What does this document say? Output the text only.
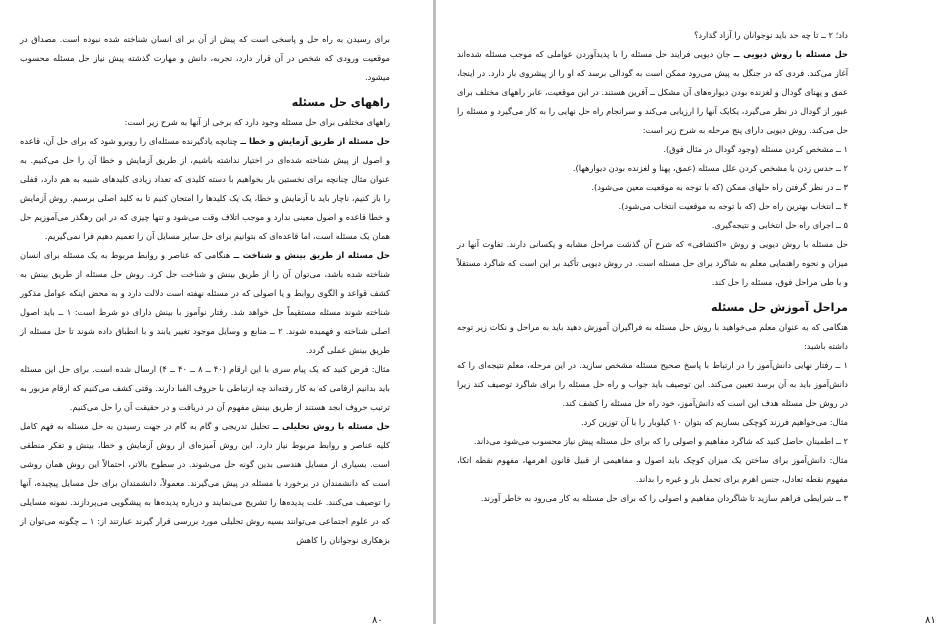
برای رسیدن به راه حل و پاسخی است که پیش از آن بر ای انسان شناخته شده نبوده است. مصداق در موقعیت ورودی که شخص در آن قرار دارد، تجربه، دانش و مهارت گذشته پیش نیاز حل مسئله محسوب میشود.

راههای حل مسئله

راههای مختلفی برای حل مسئله وجود دارد که برخی از آنها به شرح زیر است:

حل مسئله از طریق آزمایش و خطا ــ چنانچه یادگیرنده مسئله‌ای را روبرو شود که برای حل آن، قاعده و اصول از پیش شناخته شده‌ای در اختیار نداشته باشیم، از طریق آزمایش و خطا آن را حل می‌کنیم. به عنوان مثال چنانچه برای نخستین بار بخواهیم با دسته کلیدی که تعداد زیادی کلیدهای شبیه به هم دارد، قفلی را باز کنیم، ناچار باید با آزمایش و خطا، یک یک کلیدها را امتحان کنیم تا به کلید اصلی برسیم. روش آزمایش و خطا قاعده و اصول معینی ندارد و موجب اتلاف وقت می‌شود و تنها چیزی که در این رهگذر می‌آموزیم حل همان یک مسئله است، اما قاعده‌ای که بتوانیم برای حل سایر مسایل آن را تعمیم دهیم فرا نمی‌گیریم.

حل مسئله از طریق بینش و شناخت ــ هنگامی که عناصر و روابط مربوط به یک مسئله برای انسان شناخته شده باشد، می‌توان آن را از طریق بینش و شناخت حل کرد. روش حل مسئله از طریق بینش به کشف قواعد و الگوی روابط و یا اصولی که در مسئله نهفته است دلالت دارد و به محض اینکه عوامل مذکور شناخته شوند مسئله مستقیماً حل خواهد شد. رفتار نوآموز با بینش دارای دو شرط است: ۱ ــ باید اصول اصلی شناخته و فهمیده شوند. ۲ ــ منابع و وسایل موجود تغییر یابند و با انطباق داده شوند تا حل مسئله از طریق بینش عملی گردد.

مثال: فرض کنید که یک پیام سری با این ارقام (۴۰ ــ ۸ ــ ۴۰ ــ ۴) ارسال شده است. برای حل این مسئله باید بدانیم ارقامی که به کار رفته‌اند چه ارتباطی با حروف الفبا دارند. وقتی کشف می‌کنیم که ارقام مزبور به ترتیب حروف ابجد هستند از طریق بینش مفهوم آن در دریافت و در حقیقت آن را حل می‌کنیم.

حل مسئله با روش تحلیلی ــ تحلیل تدریجی و گام به گام در جهت رسیدن به حل مسئله به فهم کامل کلیه عناصر و روابط مربوط نیاز دارد. این روش آمیزه‌ای از روش آزمایش و خطا، بینش و تفکر منطقی است. بسیاری از مسایل هندسی بدین گونه حل می‌شوند. در سطوح بالاتر، احتمالاً این روش همان روشی است که دانشمندان در برخورد با مسئله در پیش می‌گیرند. معمولاً، دانشمندان برای حل مسایل پیچیده، آنها را توصیف می‌کنند. علت پدیده‌ها را تشریح می‌نمایند و درباره پدیده‌ها به پیشگویی می‌پردازند. نمونه مسایلی که در علوم اجتماعی می‌توانند بسیه روش تحلیلی مورد بررسی قرار گیرند عبارتند از: ۱ ــ چگونه می‌توان از بزهکاری نوجوانان را کاهش

۸۰

داد؛ ۲ ــ تا چه حد باید نوجوانان را آزاد گذارد؟

حل مسئله با روش دیویی ــ جان دیویی فرایند حل مسئله را با پدیدآوردن عواملی که موجب مسئله شده‌اند آغاز می‌کند. فردی که در جنگل به پیش می‌رود ممکن است به گودالی برسد که او را از پیشروی باز دارد. در اینجا، عمق و پهنای گودال و لغزنده بودن دیواره‌های آن مشکل ــ آفرین هستند. در این موقعیت، عابر راههای مختلف برای عبور از گودال در نظر می‌گیرد، یکایک آنها را ارزیابی می‌کند و سرانجام راه حل نهایی را به کار می‌گیرد و مسئله را حل می‌کند. روش دیویی دارای پنج مرحله به شرح زیر است:

۱ ــ مشخص کردن مسئله (وجود گودال در مثال فوق).

۲ ــ حدس زدن یا مشخص کردن علل مسئله (عمق، پهنا و لغزنده بودن دیوارهها).

۳ ــ در نظر گرفتن راه حلهای ممکن (که با توجه به موقعیت معین می‌شود).

۴ ــ انتخاب بهترین راه حل (که با توجه به موقعیت انتخاب می‌شود).

۵ ــ اجرای راه حل انتخابی و نتیجه‌گیری.

حل مسئله با روش دیویی و روش «اکتشافی» که شرح آن گذشت مراحل مشابه و یکسانی دارند. تفاوت آنها در میزان و نحوه راهنمایی معلم به شاگرد برای حل مسئله است. در روش دیویی تأکید بر این است که شاگرد مستقلاً و با طی مراحل فوق، مسئله را حل کند.

مراحل آموزش حل مسئله

هنگامی که به عنوان معلم می‌خواهید با روش حل مسئله به فراگیران آموزش دهید باید به مراحل و نکات زیر توجه داشته باشید:

۱ ــ رفتار نهایی دانش‌آموز را در ارتباط با پاسخ صحیح مسئله مشخص سازید. در این مرحله، معلم نتیجه‌ای را که دانش‌آموز باید به آن برسد تعیین می‌کند. این توصیف باید جواب و راه حل مسئله را برای شاگرد توصیف کند زیرا در روش حل مسئله هدف این است که دانش‌آموز، خود راه حل مسئله را کشف کند.

مثال: می‌خواهیم فرزند کوچکی بسازیم که بتوان ۱۰ کیلوبار را با آن توزین کرد.

۲ ــ اطمینان حاصل کنید که شاگرد مفاهیم و اصولی را که برای حل مسئله پیش نیاز محسوب می‌شود می‌داند.

مثال: دانش‌آموز برای ساختن یک میزان کوچک باید اصول و مفاهیمی از قبیل قانون اهرمها، مفهوم نقطه اتکا، مفهوم نقطه تعادل، جنس اهرم برای تحمل بار و غیره را بداند.

۳ ــ شرایطی فراهم سازید تا شاگردان مفاهیم و اصولی را که برای حل مسئله به کار می‌رود به خاطر آورند.

۸۱
